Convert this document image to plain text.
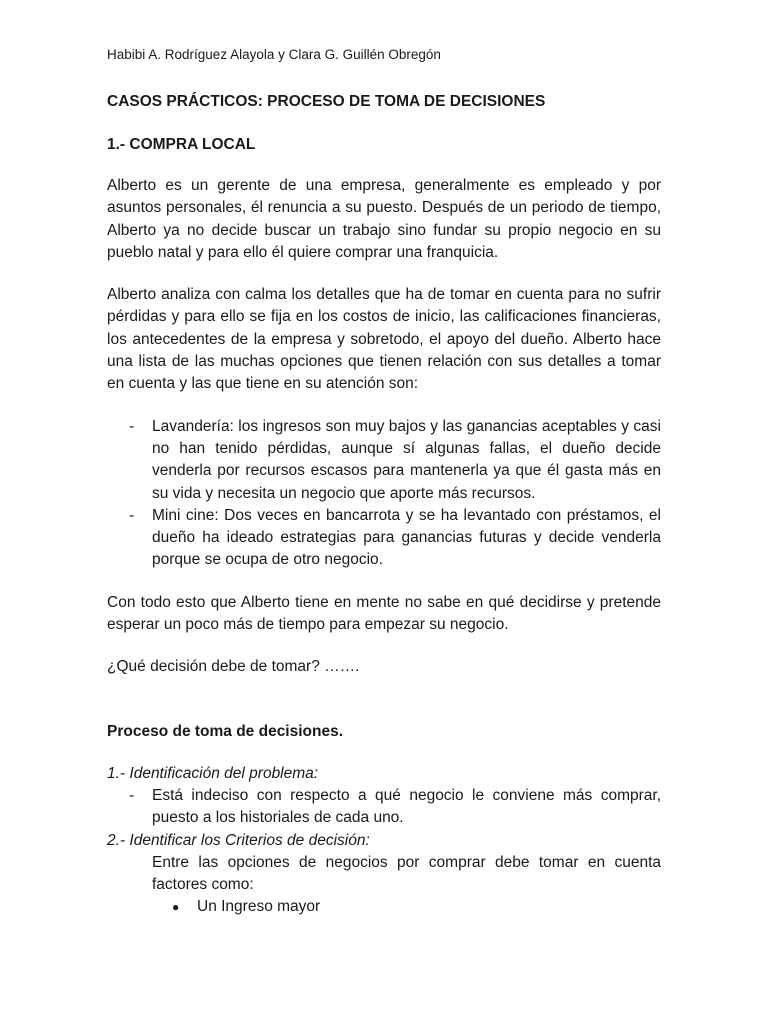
Habibi A. Rodríguez Alayola y Clara G. Guillén Obregón
CASOS PRÁCTICOS: PROCESO DE TOMA DE DECISIONES
1.- COMPRA LOCAL

Alberto es un gerente de una empresa, generalmente es empleado y por asuntos personales, él renuncia a su puesto. Después de un periodo de tiempo, Alberto ya no decide buscar un trabajo sino fundar su propio negocio en su pueblo natal y para ello él quiere comprar una franquicia.

Alberto analiza con calma los detalles que ha de tomar en cuenta para no sufrir pérdidas y para ello se fija en los costos de inicio, las calificaciones financieras, los antecedentes de la empresa y sobretodo, el apoyo del dueño. Alberto hace una lista de las muchas opciones que tienen relación con sus detalles a tomar en cuenta y las que tiene en su atención son:

- Lavandería: los ingresos son muy bajos y las ganancias aceptables y casi no han tenido pérdidas, aunque sí algunas fallas, el dueño decide venderla por recursos escasos para mantenerla ya que él gasta más en su vida y necesita un negocio que aporte más recursos.
- Mini cine: Dos veces en bancarrota y se ha levantado con préstamos, el dueño ha ideado estrategias para ganancias futuras y decide venderla porque se ocupa de otro negocio.

Con todo esto que Alberto tiene en mente no sabe en qué decidirse y pretende esperar un poco más de tiempo para empezar su negocio.

¿Qué decisión debe de tomar? …….

Proceso de toma de decisiones.
1.- Identificación del problema:
- Está indeciso con respecto a qué negocio le conviene más comprar, puesto a los historiales de cada uno.
2.- Identificar los Criterios de decisión:
Entre las opciones de negocios por comprar debe tomar en cuenta factores como:
● Un Ingreso mayor
